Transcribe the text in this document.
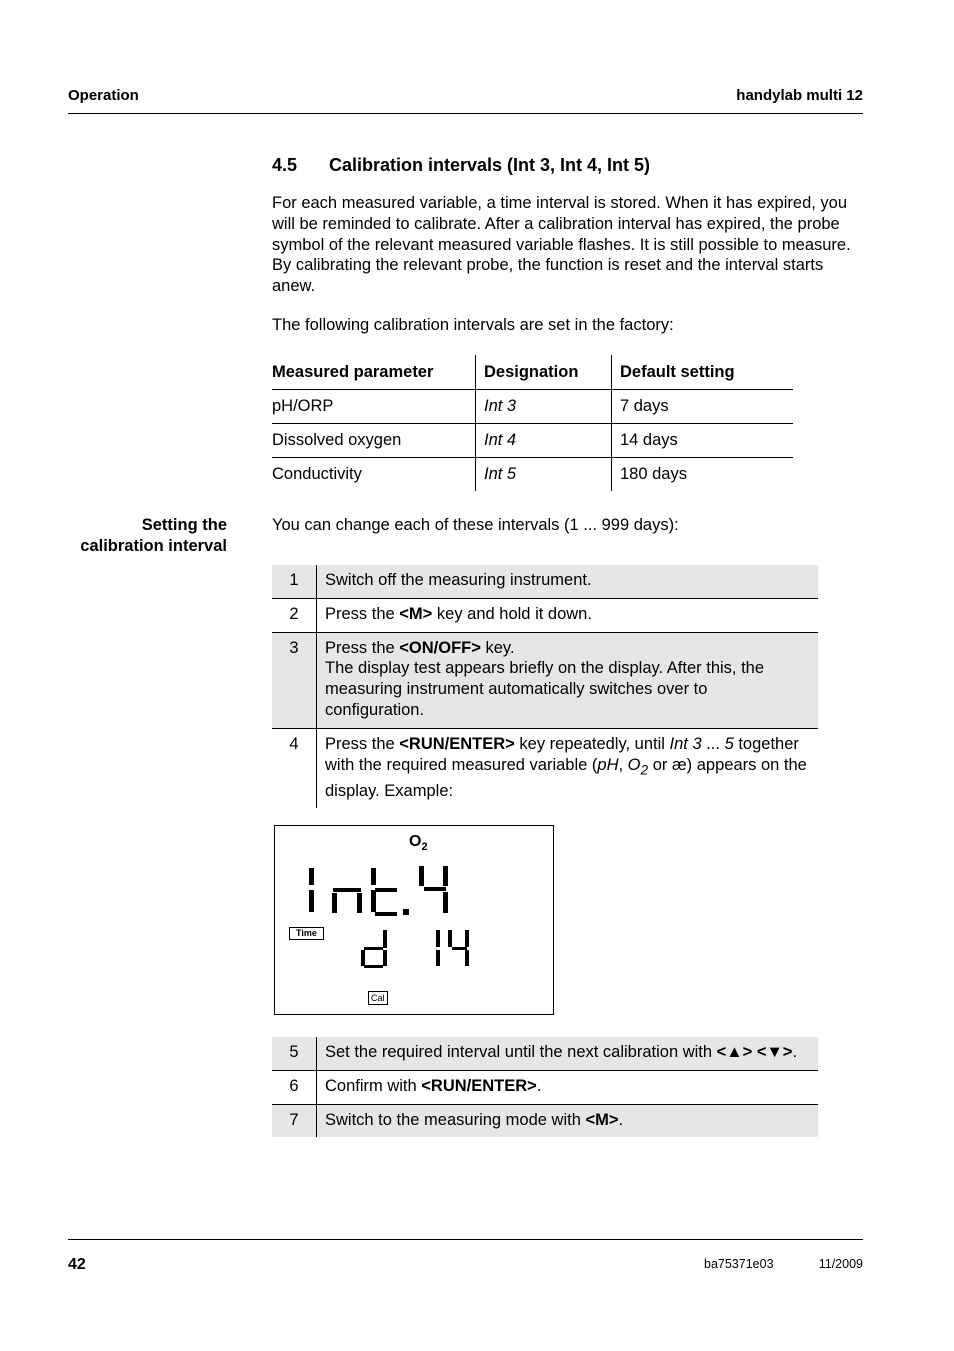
Operation	handylab multi 12
4.5 Calibration intervals (Int 3, Int 4, Int 5)

For each measured variable, a time interval is stored. When it has expired, you will be reminded to calibrate. After a calibration interval has expired, the probe symbol of the relevant measured variable flashes. It is still possible to measure. By calibrating the relevant probe, the function is reset and the interval starts anew.

The following calibration intervals are set in the factory:

Measured parameter	Designation	Default setting
pH/ORP	Int 3	7 days
Dissolved oxygen	Int 4	14 days
Conductivity	Int 5	180 days
Setting the
calibration interval

You can change each of these intervals (1 ... 999 days):

1	Switch off the measuring instrument.
2	Press the <M> key and hold it down.
3	Press the <ON/OFF> key.
The display test appears briefly on the display. After this, the measuring instrument automatically switches over to configuration.
4	Press the <RUN/ENTER> key repeatedly, until Int 3 ... 5 together with the required measured variable (pH, $O_2$ or æ) appears on the display. Example:
$O_2$
Time
Cal
5	Set the required interval until the next calibration with <▲> <▼>.
6	Confirm with <RUN/ENTER>.
7	Switch to the measuring mode with <M>.
42	ba75371e03	11/2009
